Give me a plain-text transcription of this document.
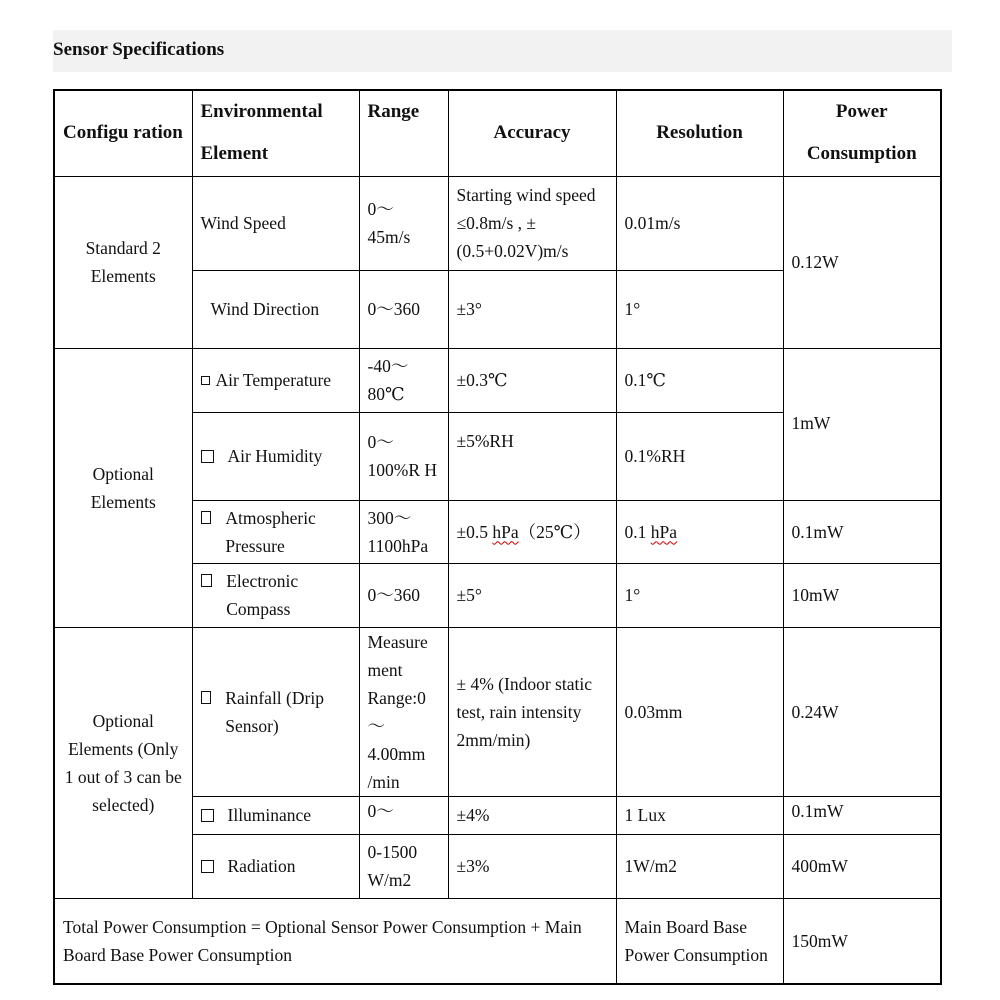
Sensor Specifications
Configu ration	Environmental Element	Range	Accuracy	Resolution	Power Consumption
Standard 2 Elements	Wind Speed	0～ 45m/s	Starting wind speed ≤0.8m/s , ±(0.5+0.02V)m/s	0.01m/s	0.12W
	Wind Direction	0～360	±3°	1°	
Optional Elements	Air Temperature	-40～ 80℃	±0.3℃	0.1℃	1mW
	Air Humidity	0～ 100%R H	±5%RH	0.1%RH	

	Atmospheric Pressure	300～ 1100hPa	±0.5 hPa（25℃）	0.1 hPa	0.1mW

	Electronic Compass	0～360	±5°	1°	10mW
Optional Elements (Only 1 out of 3 can be selected)	Rainfall (Drip Sensor)	Measure ment Range:0 ～ 4.00mm /min	± 4% (Indoor static test, rain intensity 2mm/min)	0.03mm	0.24W
	Illuminance	0～	±4%	1 Lux	0.1mW
	Radiation	0-1500 W/m2	±3%	1W/m2	400mW
Total Power Consumption = Optional Sensor Power Consumption + Main Board Base Power Consumption				Main Board Base Power Consumption	150mW
